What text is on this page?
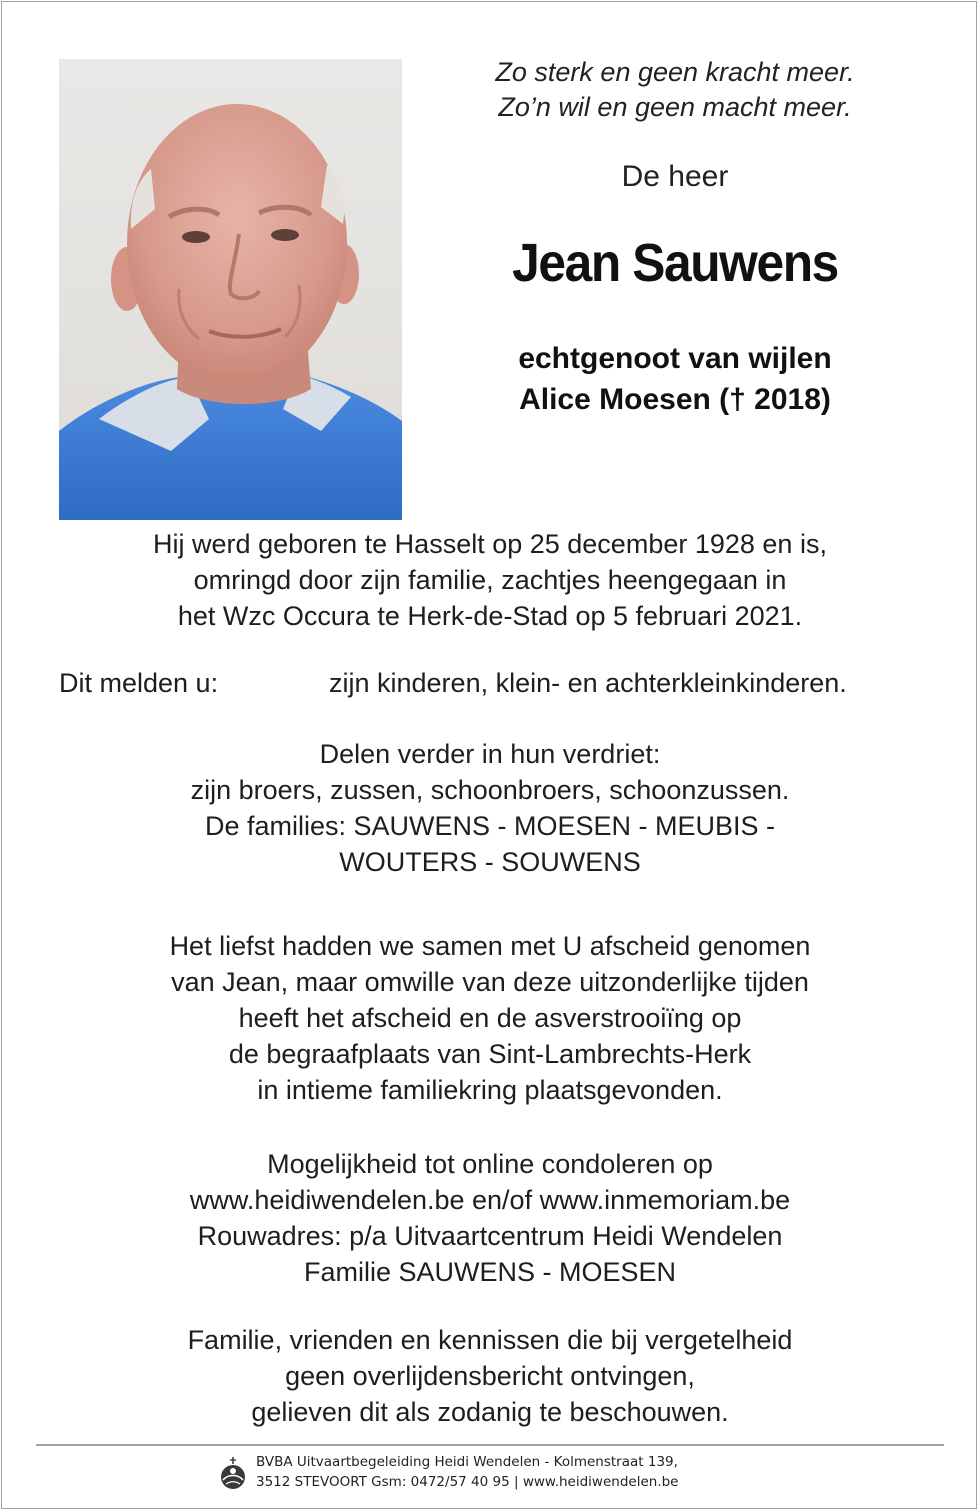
Zo sterk en geen kracht meer.
Zo’n wil en geen macht meer.
De heer
Jean Sauwens
echtgenoot van wijlen
Alice Moesen († 2018)
Hij werd geboren te Hasselt op 25 december 1928 en is,
omringd door zijn familie, zachtjes heengegaan in
het Wzc Occura te Herk-de-Stad op 5 februari 2021.
Dit melden u:	zijn kinderen, klein- en achterkleinkinderen.
Delen verder in hun verdriet:
zijn broers, zussen, schoonbroers, schoonzussen.
De families: SAUWENS - MOESEN - MEUBIS -
WOUTERS - SOUWENS
Het liefst hadden we samen met U afscheid genomen
van Jean, maar omwille van deze uitzonderlijke tijden
heeft het afscheid en de asverstrooiïng op
de begraafplaats van Sint-Lambrechts-Herk
in intieme familiekring plaatsgevonden.
Mogelijkheid tot online condoleren op
www.heidiwendelen.be en/of www.inmemoriam.be
Rouwadres: p/a Uitvaartcentrum Heidi Wendelen
Familie SAUWENS - MOESEN
Familie, vrienden en kennissen die bij vergetelheid
geen overlijdensbericht ontvingen,
gelieven dit als zodanig te beschouwen.
BVBA Uitvaartbegeleiding Heidi Wendelen - Kolmenstraat 139,
3512 STEVOORT Gsm: 0472/57 40 95 | www.heidiwendelen.be
